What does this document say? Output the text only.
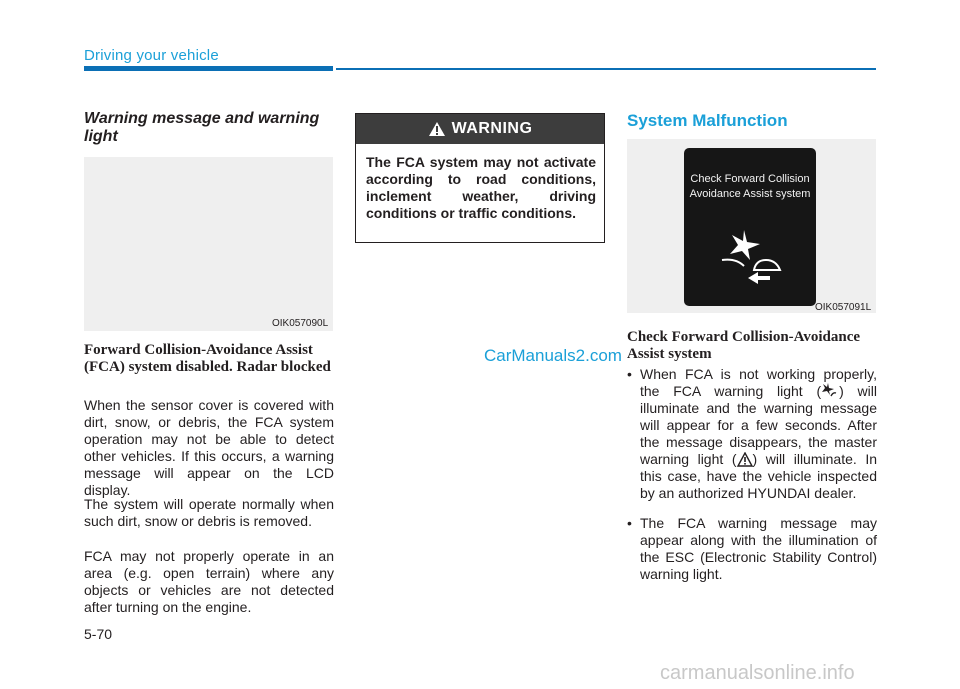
Driving your vehicle
Warning message and warning light
OIK057090L
Forward Collision-Avoidance Assist (FCA) system disabled. Radar blocked
When the sensor cover is covered with dirt, snow, or debris, the FCA system operation may not be able to detect other vehicles. If this occurs, a warning message will appear on the LCD display.
The system will operate normally when such dirt, snow or debris is removed.
FCA may not properly operate in an area (e.g. open terrain) where any objects or vehicles are not detected after turning on the engine.
WARNING
The FCA system may not activate according to road conditions, inclement weather, driving conditions or traffic conditions.
CarManuals2.com
System Malfunction
Check Forward Collision Avoidance Assist system
OIK057091L
Check Forward Collision-Avoidance Assist system
• When FCA is not working properly, the FCA warning light ( ) will illuminate and the warning message will appear for a few seconds. After the message disappears, the master warning light ( ) will illuminate. In this case, have the vehicle inspected by an authorized HYUNDAI dealer.
• The FCA warning message may appear along with the illumination of the ESC (Electronic Stability Control) warning light.
5-70
carmanualsonline.info
